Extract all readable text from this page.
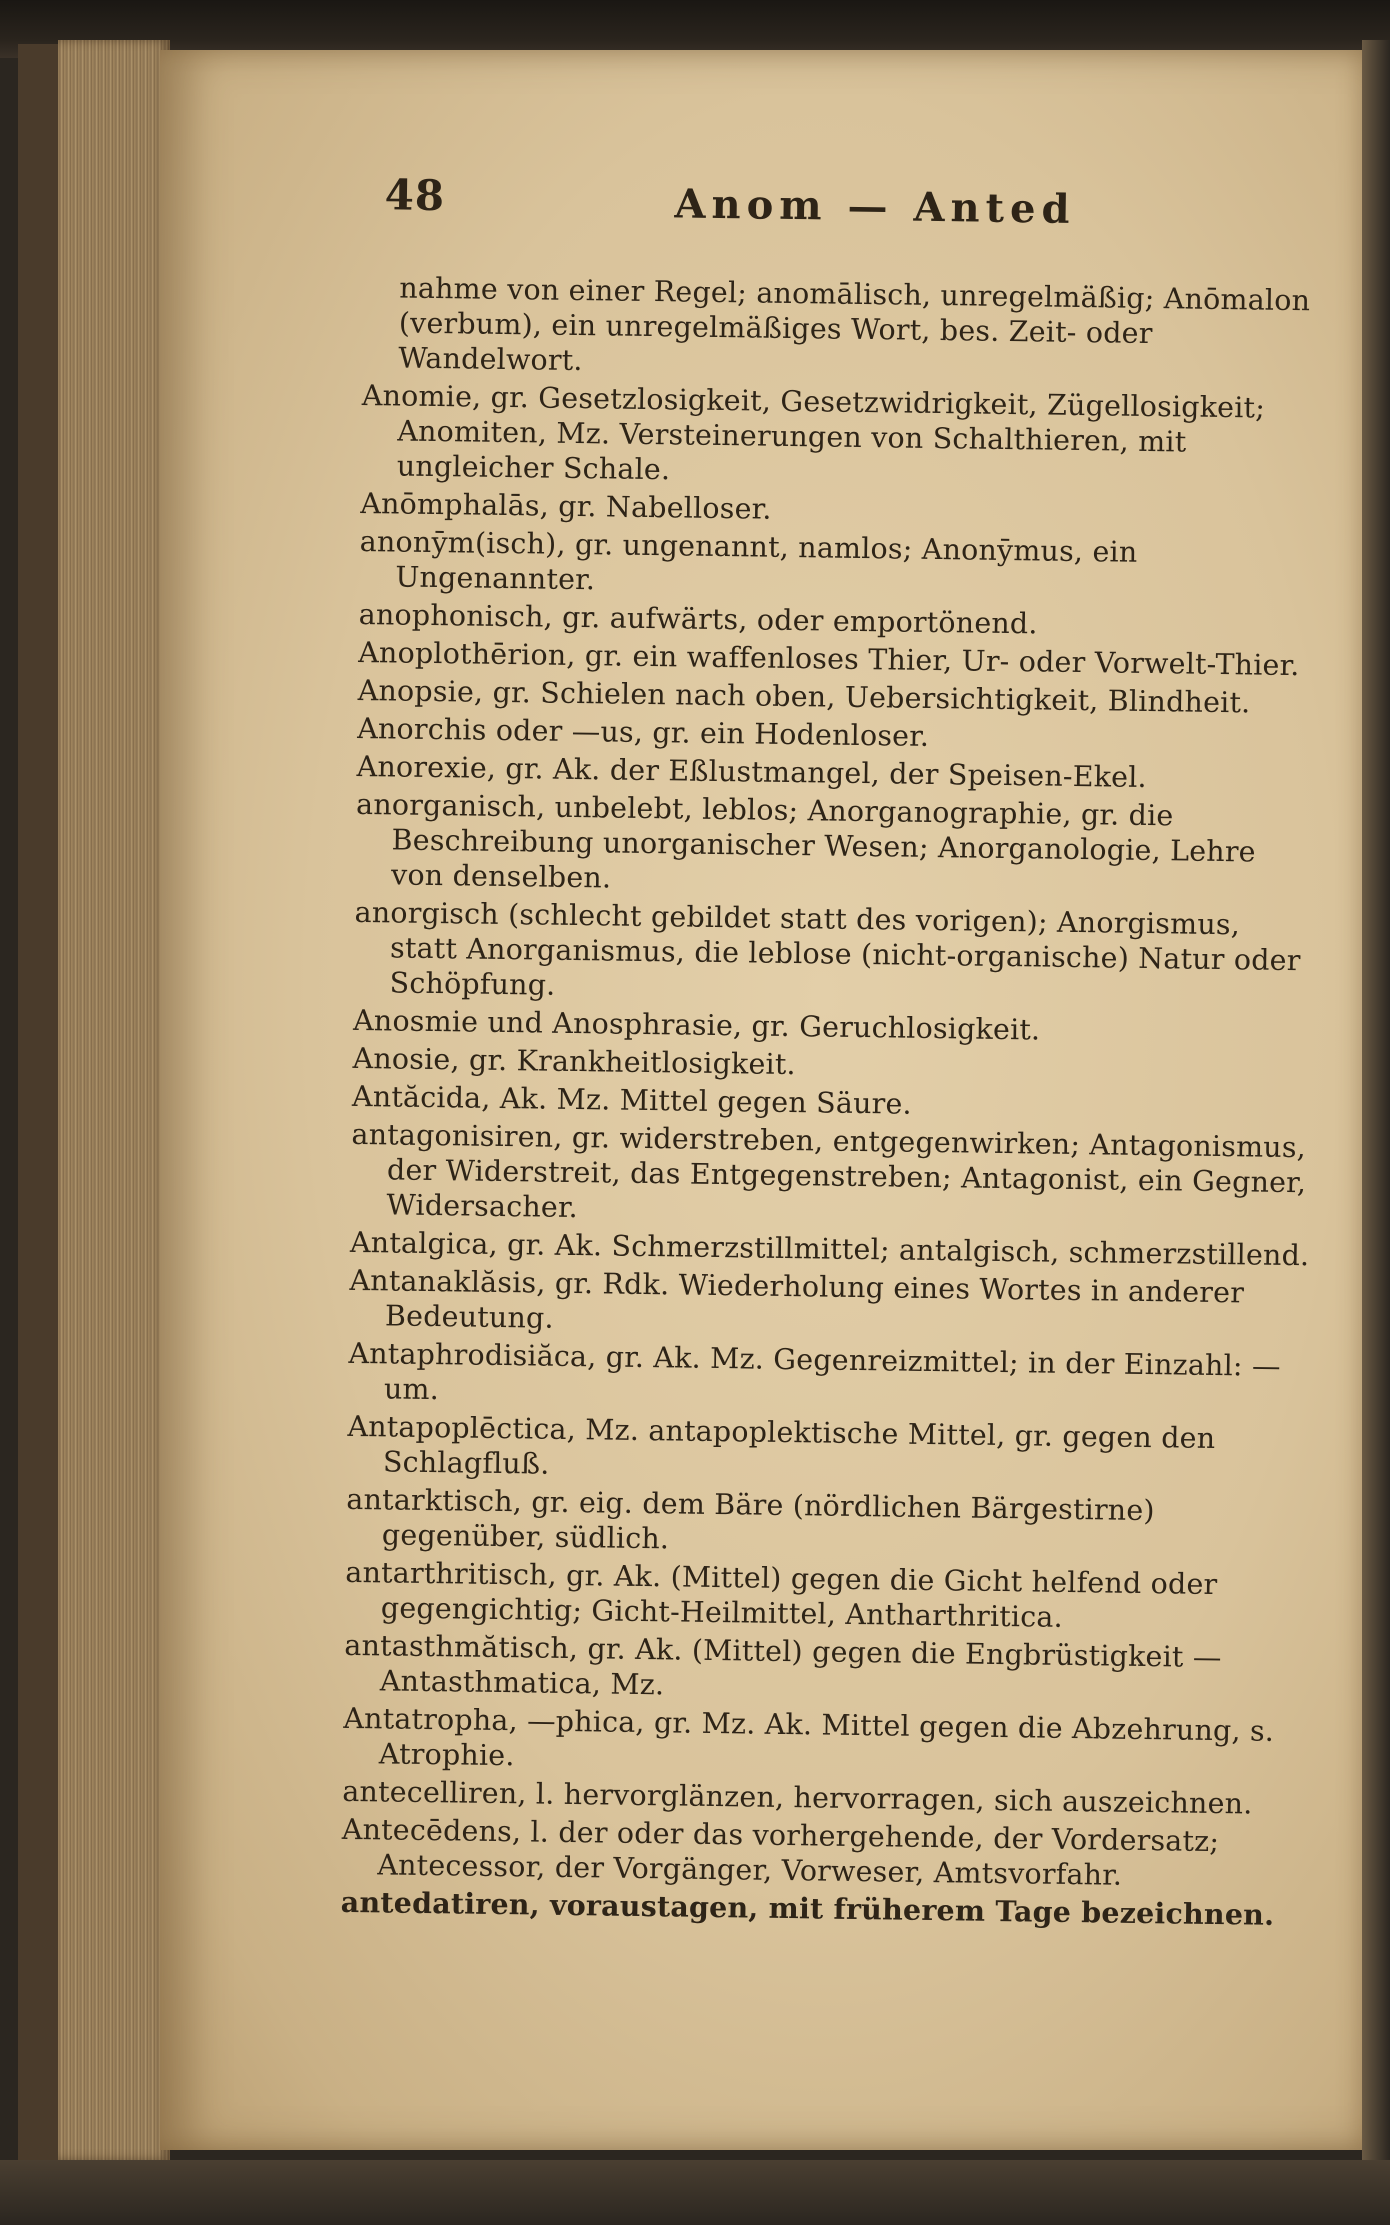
48	Anom — Anted
nahme von einer Regel; anomālisch, unregelmäßig; Anōmalon (verbum), ein unregelmäßiges Wort, bes. Zeit- oder Wandelwort.
Anomie, gr. Gesetzlosigkeit, Gesetzwidrigkeit, Zügellosigkeit; Anomiten, Mz. Versteinerungen von Schalthieren, mit ungleicher Schale.
Anōmphalās, gr. Nabelloser.
anonȳm(isch), gr. ungenannt, namlos; Anonȳmus, ein Ungenannter.
anophonisch, gr. aufwärts, oder emportönend.
Anoplothērion, gr. ein waffenloses Thier, Ur- oder Vorwelt-Thier.
Anopsie, gr. Schielen nach oben, Uebersichtigkeit, Blindheit.
Anorchis oder —us, gr. ein Hodenloser.
Anorexie, gr. Ak. der Eßlustmangel, der Speisen-Ekel.
anorganisch, unbelebt, leblos; Anorganographie, gr. die Beschreibung unorganischer Wesen; Anorganologie, Lehre von denselben.
anorgisch (schlecht gebildet statt des vorigen); Anorgismus, statt Anorganismus, die leblose (nicht-organische) Natur oder Schöpfung.
Anosmie und Anosphrasie, gr. Geruchlosigkeit.
Anosie, gr. Krankheitlosigkeit.
Antăcida, Ak. Mz. Mittel gegen Säure.
antagonisiren, gr. widerstreben, entgegenwirken; Antagonismus, der Widerstreit, das Entgegenstreben; Antagonist, ein Gegner, Widersacher.
Antalgica, gr. Ak. Schmerzstillmittel; antalgisch, schmerzstillend.
Antanaklăsis, gr. Rdk. Wiederholung eines Wortes in anderer Bedeutung.
Antaphrodisiăca, gr. Ak. Mz. Gegenreizmittel; in der Einzahl: —um.
Antapoplēctica, Mz. antapoplektische Mittel, gr. gegen den Schlagfluß.
antarktisch, gr. eig. dem Bäre (nördlichen Bärgestirne) gegenüber, südlich.
antarthritisch, gr. Ak. (Mittel) gegen die Gicht helfend oder gegengichtig; Gicht-Heilmittel, Antharthritica.
antasthmătisch, gr. Ak. (Mittel) gegen die Engbrüstigkeit — Antasthmatica, Mz.
Antatropha, —phica, gr. Mz. Ak. Mittel gegen die Abzehrung, s. Atrophie.
antecelliren, l. hervorglänzen, hervorragen, sich auszeichnen.
Antecēdens, l. der oder das vorhergehende, der Vordersatz; Antecessor, der Vorgänger, Vorweser, Amtsvorfahr.
antedatiren, voraustagen, mit früherem Tage bezeichnen.
